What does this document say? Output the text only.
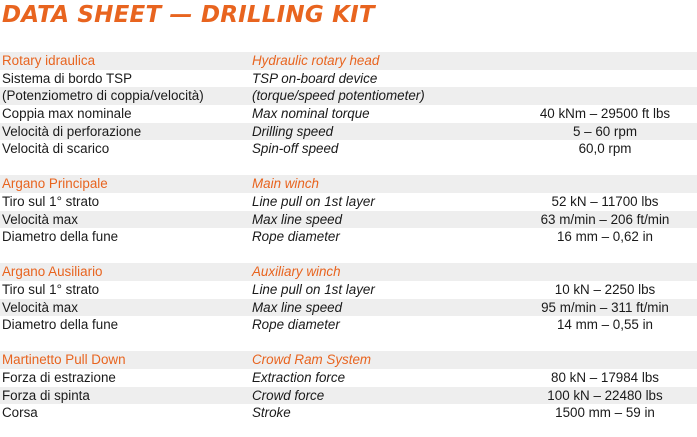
DATA SHEET — DRILLING KIT
Rotary idraulica	Hydraulic rotary head
Sistema di bordo TSP	TSP on-board device
(Potenziometro di coppia/velocità)	(torque/speed potentiometer)
Coppia max nominale	Max nominal torque	40 kNm – 29500 ft lbs
Velocità di perforazione	Drilling speed	5 – 60 rpm
Velocità di scarico	Spin-off speed	60,0 rpm
Argano Principale	Main winch
Tiro sul 1° strato	Line pull on 1st layer	52 kN – 11700 lbs
Velocità max	Max line speed	63 m/min – 206 ft/min
Diametro della fune	Rope diameter	16 mm – 0,62 in
Argano Ausiliario	Auxiliary winch
Tiro sul 1° strato	Line pull on 1st layer	10 kN – 2250 lbs
Velocità max	Max line speed	95 m/min – 311 ft/min
Diametro della fune	Rope diameter	14 mm – 0,55 in
Martinetto Pull Down	Crowd Ram System
Forza di estrazione	Extraction force	80 kN – 17984 lbs
Forza di spinta	Crowd force	100 kN – 22480 lbs
Corsa	Stroke	1500 mm – 59 in
